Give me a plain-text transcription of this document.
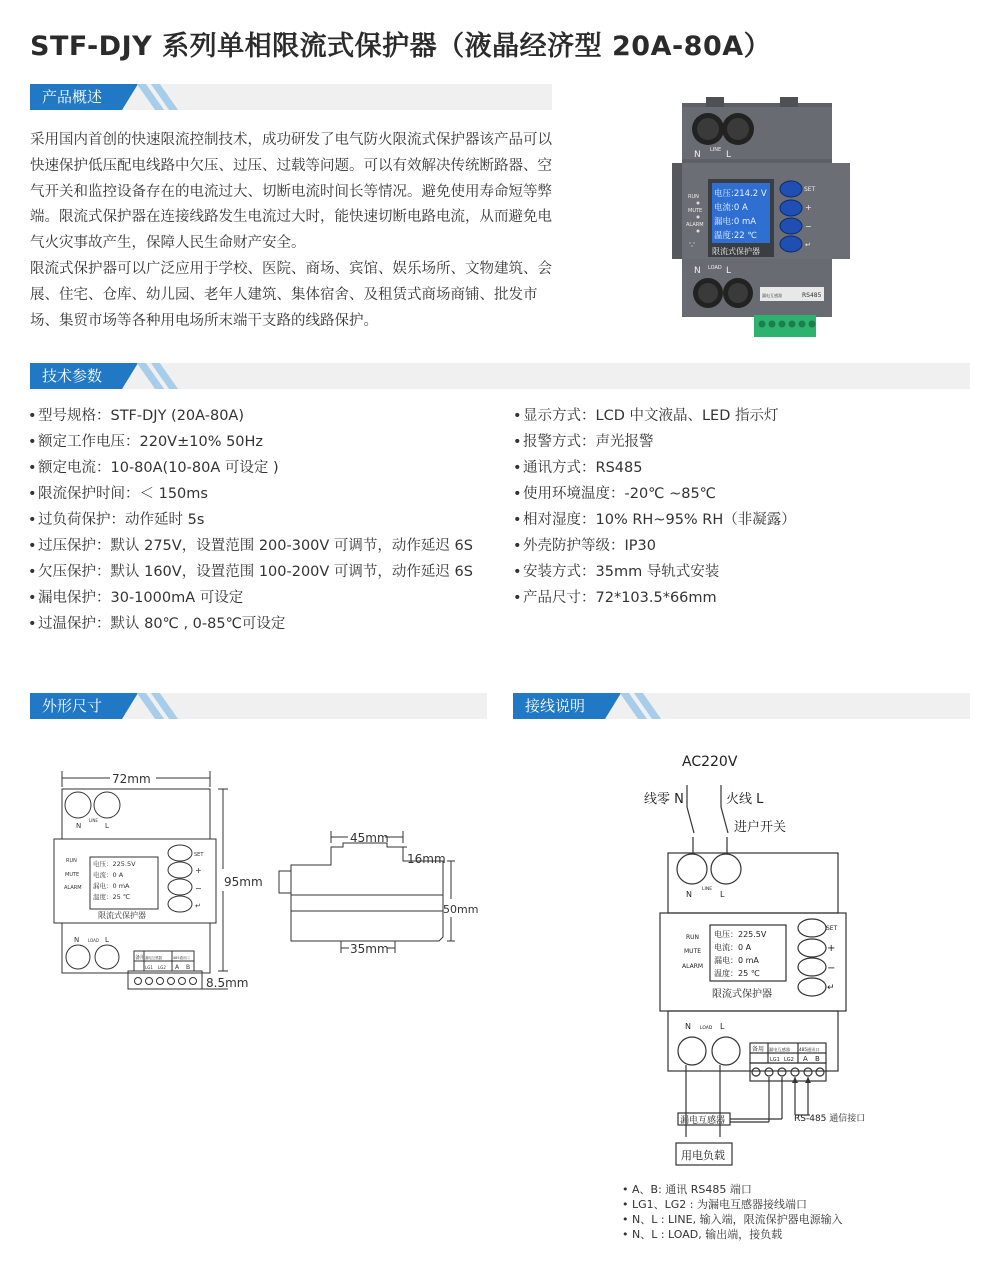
STF-DJY 系列单相限流式保护器（液晶经济型 20A-80A）
产品概述

采用国内首创的快速限流控制技术，成功研发了电气防火限流式保护器该产品可以快速保护低压配电线路中欠压、过压、过载等问题。可以有效解决传统断路器、空气开关和监控设备存在的电流过大、切断电流时间长等情况。避免使用寿命短等弊端。限流式保护器在连接线路发生电流过大时，能快速切断电路电流，从而避免电气火灾事故产生，保障人民生命财产安全。

限流式保护器可以广泛应用于学校、医院、商场、宾馆、娱乐场所、文物建筑、会展、住宅、仓库、幼儿园、老年人建筑、集体宿舍、及租赁式商场商铺、批发市场、集贸市场等各种用电场所末端干支路的线路保护。

N LINE L
电压:214.2 V
电流:0 A
漏电:0 mA
温度:22 ℃
限流式保护器
RUN
MUTE
ALARM
SET
+
−
↵
N LOAD L
漏电互感器	RS485
技术参数
•型号规格：STF-DJY (20A-80A)
•额定工作电压：220V±10% 50Hz
•额定电流：10-80A(10-80A 可设定 )
•限流保护时间：＜ 150ms
•过负荷保护：动作延时 5s
•过压保护：默认 275V，设置范围 200-300V 可调节，动作延迟 6S
•欠压保护：默认 160V，设置范围 100-200V 可调节，动作延迟 6S
•漏电保护：30-1000mA 可设定
•过温保护：默认 80℃ , 0-85℃可设定
•显示方式：LCD 中文液晶、LED 指示灯
•报警方式：声光报警
•通讯方式：RS485
•使用环境温度：-20℃ ~85℃
•相对湿度：10% RH~95% RH（非凝露）
•外壳防护等级：IP30
•安装方式：35mm 导轨式安装
•产品尺寸：72*103.5*66mm
外形尺寸	接线说明
72mm
95mm
8.5mm
N
LINE
L
电压：225.5V
电流：0 A
漏电：0 mA
温度：25 ℃
RUN
MUTE
ALARM
SET
+
−
↵
限流式保护器
N LOAD L
备用 漏电互感器	485通讯口
LG1 LG2 A B
45mm
16mm
50mm
35mm
AC220V
线零 N	火线 L
进户开关
N
LINE
L
电压：225.5V
电流：0 A
漏电：0 mA
温度：25 ℃
RUN
MUTE
ALARM
SET
+
−
↵
限流式保护器
N LOAD L
备用 漏电互感器 485通讯口
LG1 LG2 A B
漏电互感器	RS-485 通信接口
用电负载
• A、B: 通讯 RS485 端口
• LG1、LG2 : 为漏电互感器接线端口
• N、L : LINE, 输入端，限流保护器电源输入
• N、L : LOAD, 输出端，接负载
